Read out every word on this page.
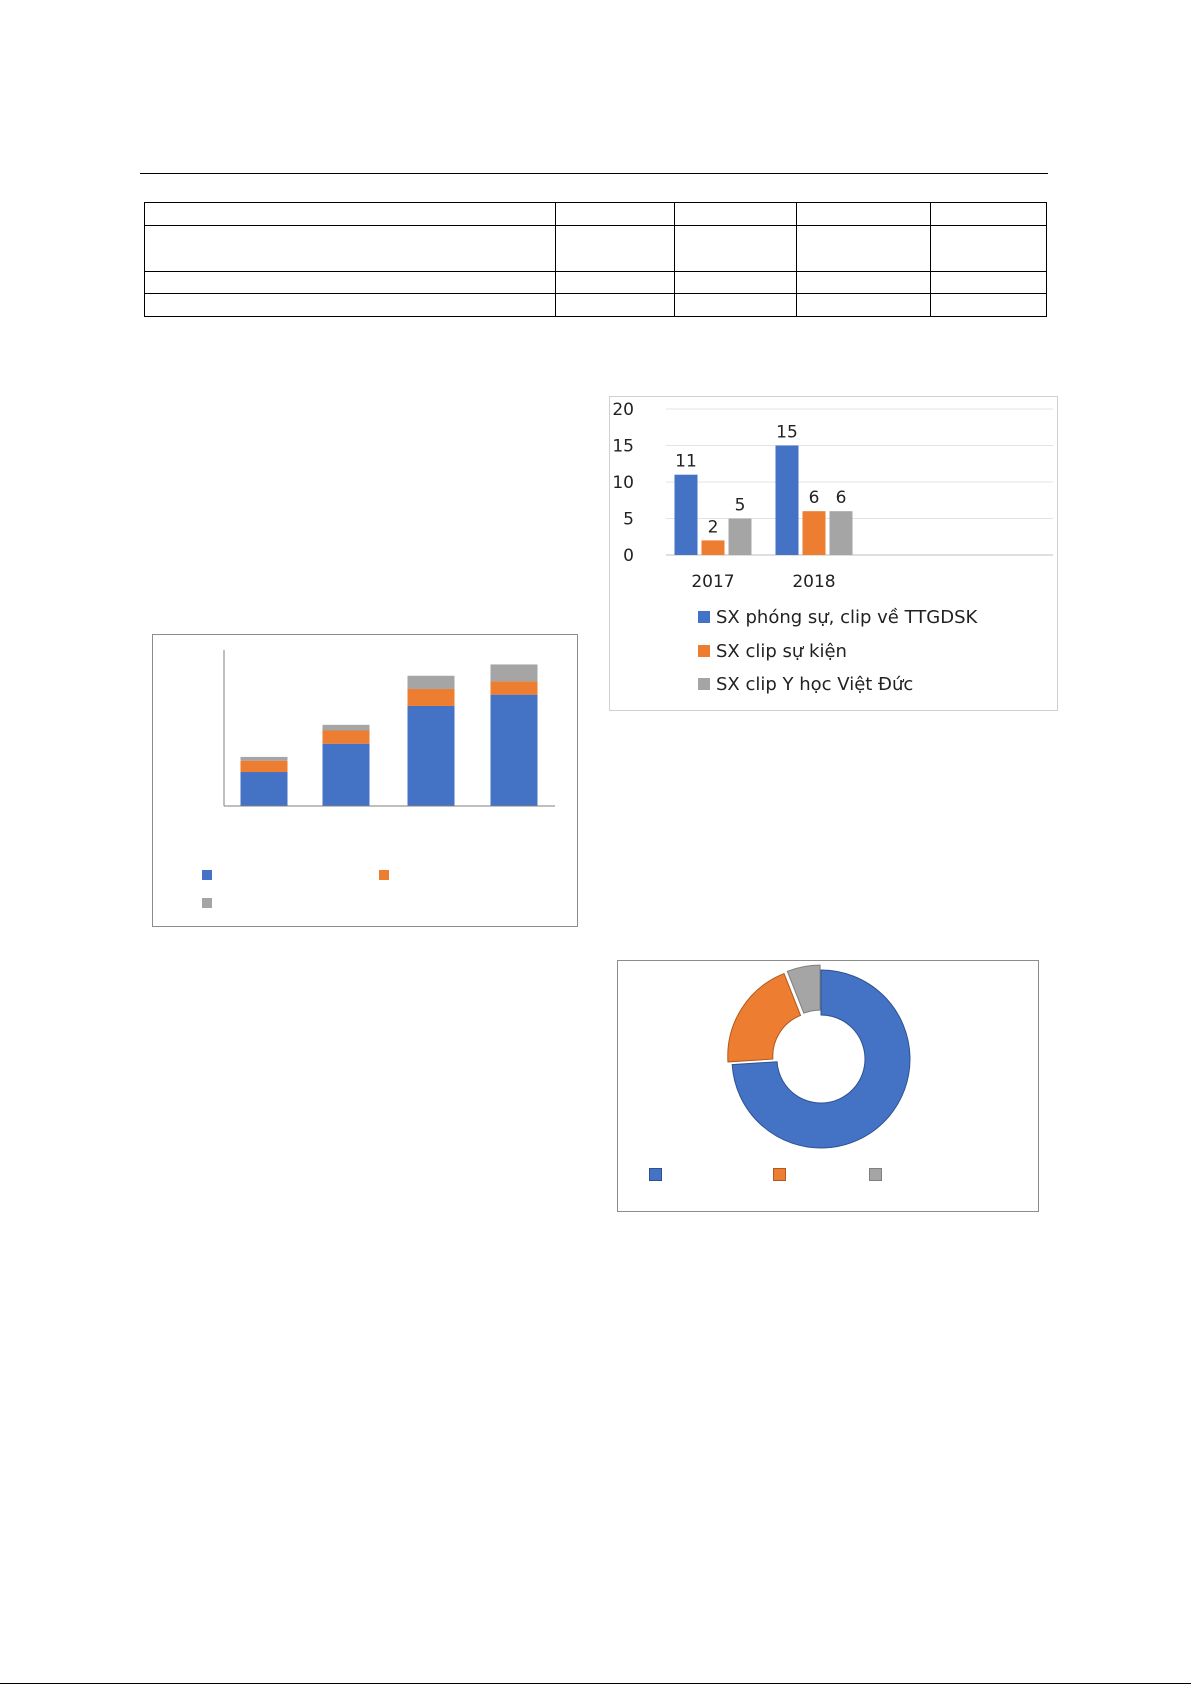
0
5
10
15
20
11
2
5
2017
15
6 6
2018
SX phóng sự, clip về TTGDSK
SX clip sự kiện
SX clip Y học Việt Đức
